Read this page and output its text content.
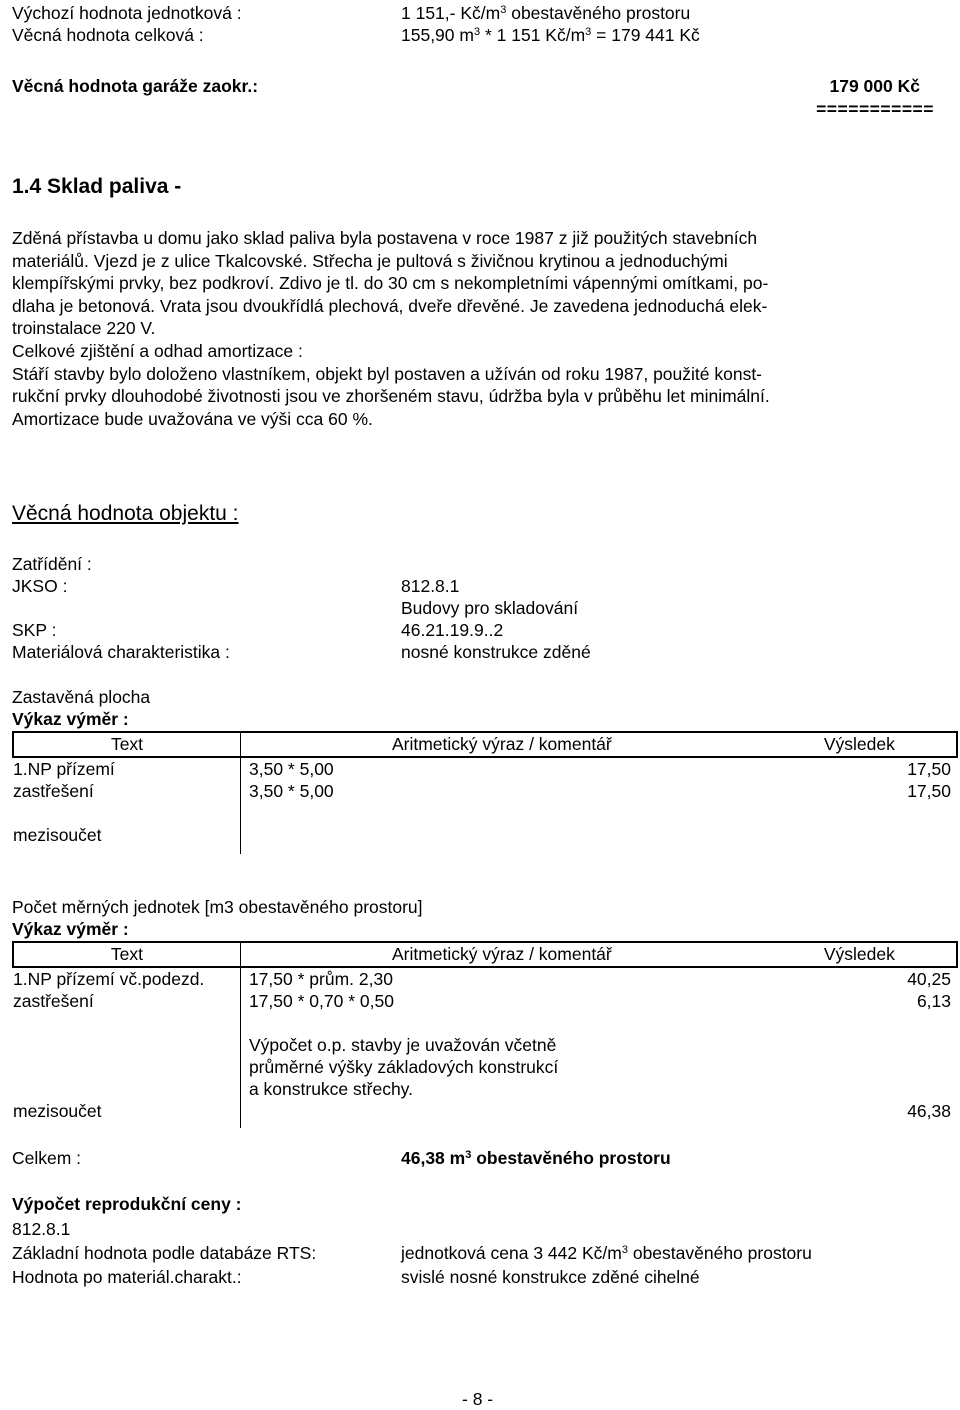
Výchozí hodnota jednotková :	1 151,- $Kč/m^3$ obestavěného prostoru
Věcná hodnota celková :	155,90 $m^3 * 1$ 151 $Kč/m^3 = 179$ 441 Kč
Věcná hodnota garáže zaokr.:	179 000 Kč
===========
1.4 Sklad paliva -
Zděná přístavba u domu jako sklad paliva byla postavena v roce 1987 z již použitých stavebních
materiálů. Vjezd je z ulice Tkalcovské. Střecha je pultová s živičnou krytinou a jednoduchými
klempířskými prvky, bez podkroví. Zdivo je tl. do 30 cm s nekompletními vápennými omítkami, po-
dlaha je betonová. Vrata jsou dvoukřídlá plechová, dveře dřevěné. Je zavedena jednoduchá elek-
troinstalace 220 V.
Celkové zjištění a odhad amortizace :
Stáří stavby bylo doloženo vlastníkem, objekt byl postaven a užíván od roku 1987, použité konst-
rukční prvky dlouhodobé životnosti jsou ve zhoršeném stavu, údržba byla v průběhu let minimální.
Amortizace bude uvažována ve výši cca 60 %.
Věcná hodnota objektu :
Zatřídění :
JKSO :	812.8.1
Budovy pro skladování
SKP :	46.21.19.9..2
Materiálová charakteristika :	nosné konstrukce zděné
Zastavěná plocha
Výkaz výměr :
Text	Aritmetický výraz / komentář	Výsledek
1.NP přízemí	3,50 * 5,00	17,50
zastřešení	3,50 * 5,00	17,50

mezisoučet		
Počet měrných jednotek [m3 obestavěného prostoru]
Výkaz výměr :
Text	Aritmetický výraz / komentář	Výsledek
1.NP přízemí vč.podezd.	17,50 * prům. 2,30	40,25
zastřešení	17,50 * 0,70 * 0,50	6,13

	Výpočet o.p. stavby je uvažován včetně
průměrné výšky základových konstrukcí
a konstrukce střechy.	

mezisoučet		46,38
Celkem :	46,38 $m^3$ obestavěného prostoru
Výpočet reprodukční ceny :
812.8.1
Základní hodnota podle databáze RTS:	jednotková cena 3 442 $Kč/m^3$ obestavěného prostoru
Hodnota po materiál.charakt.:	svislé nosné konstrukce zděné cihelné
- 8 -
